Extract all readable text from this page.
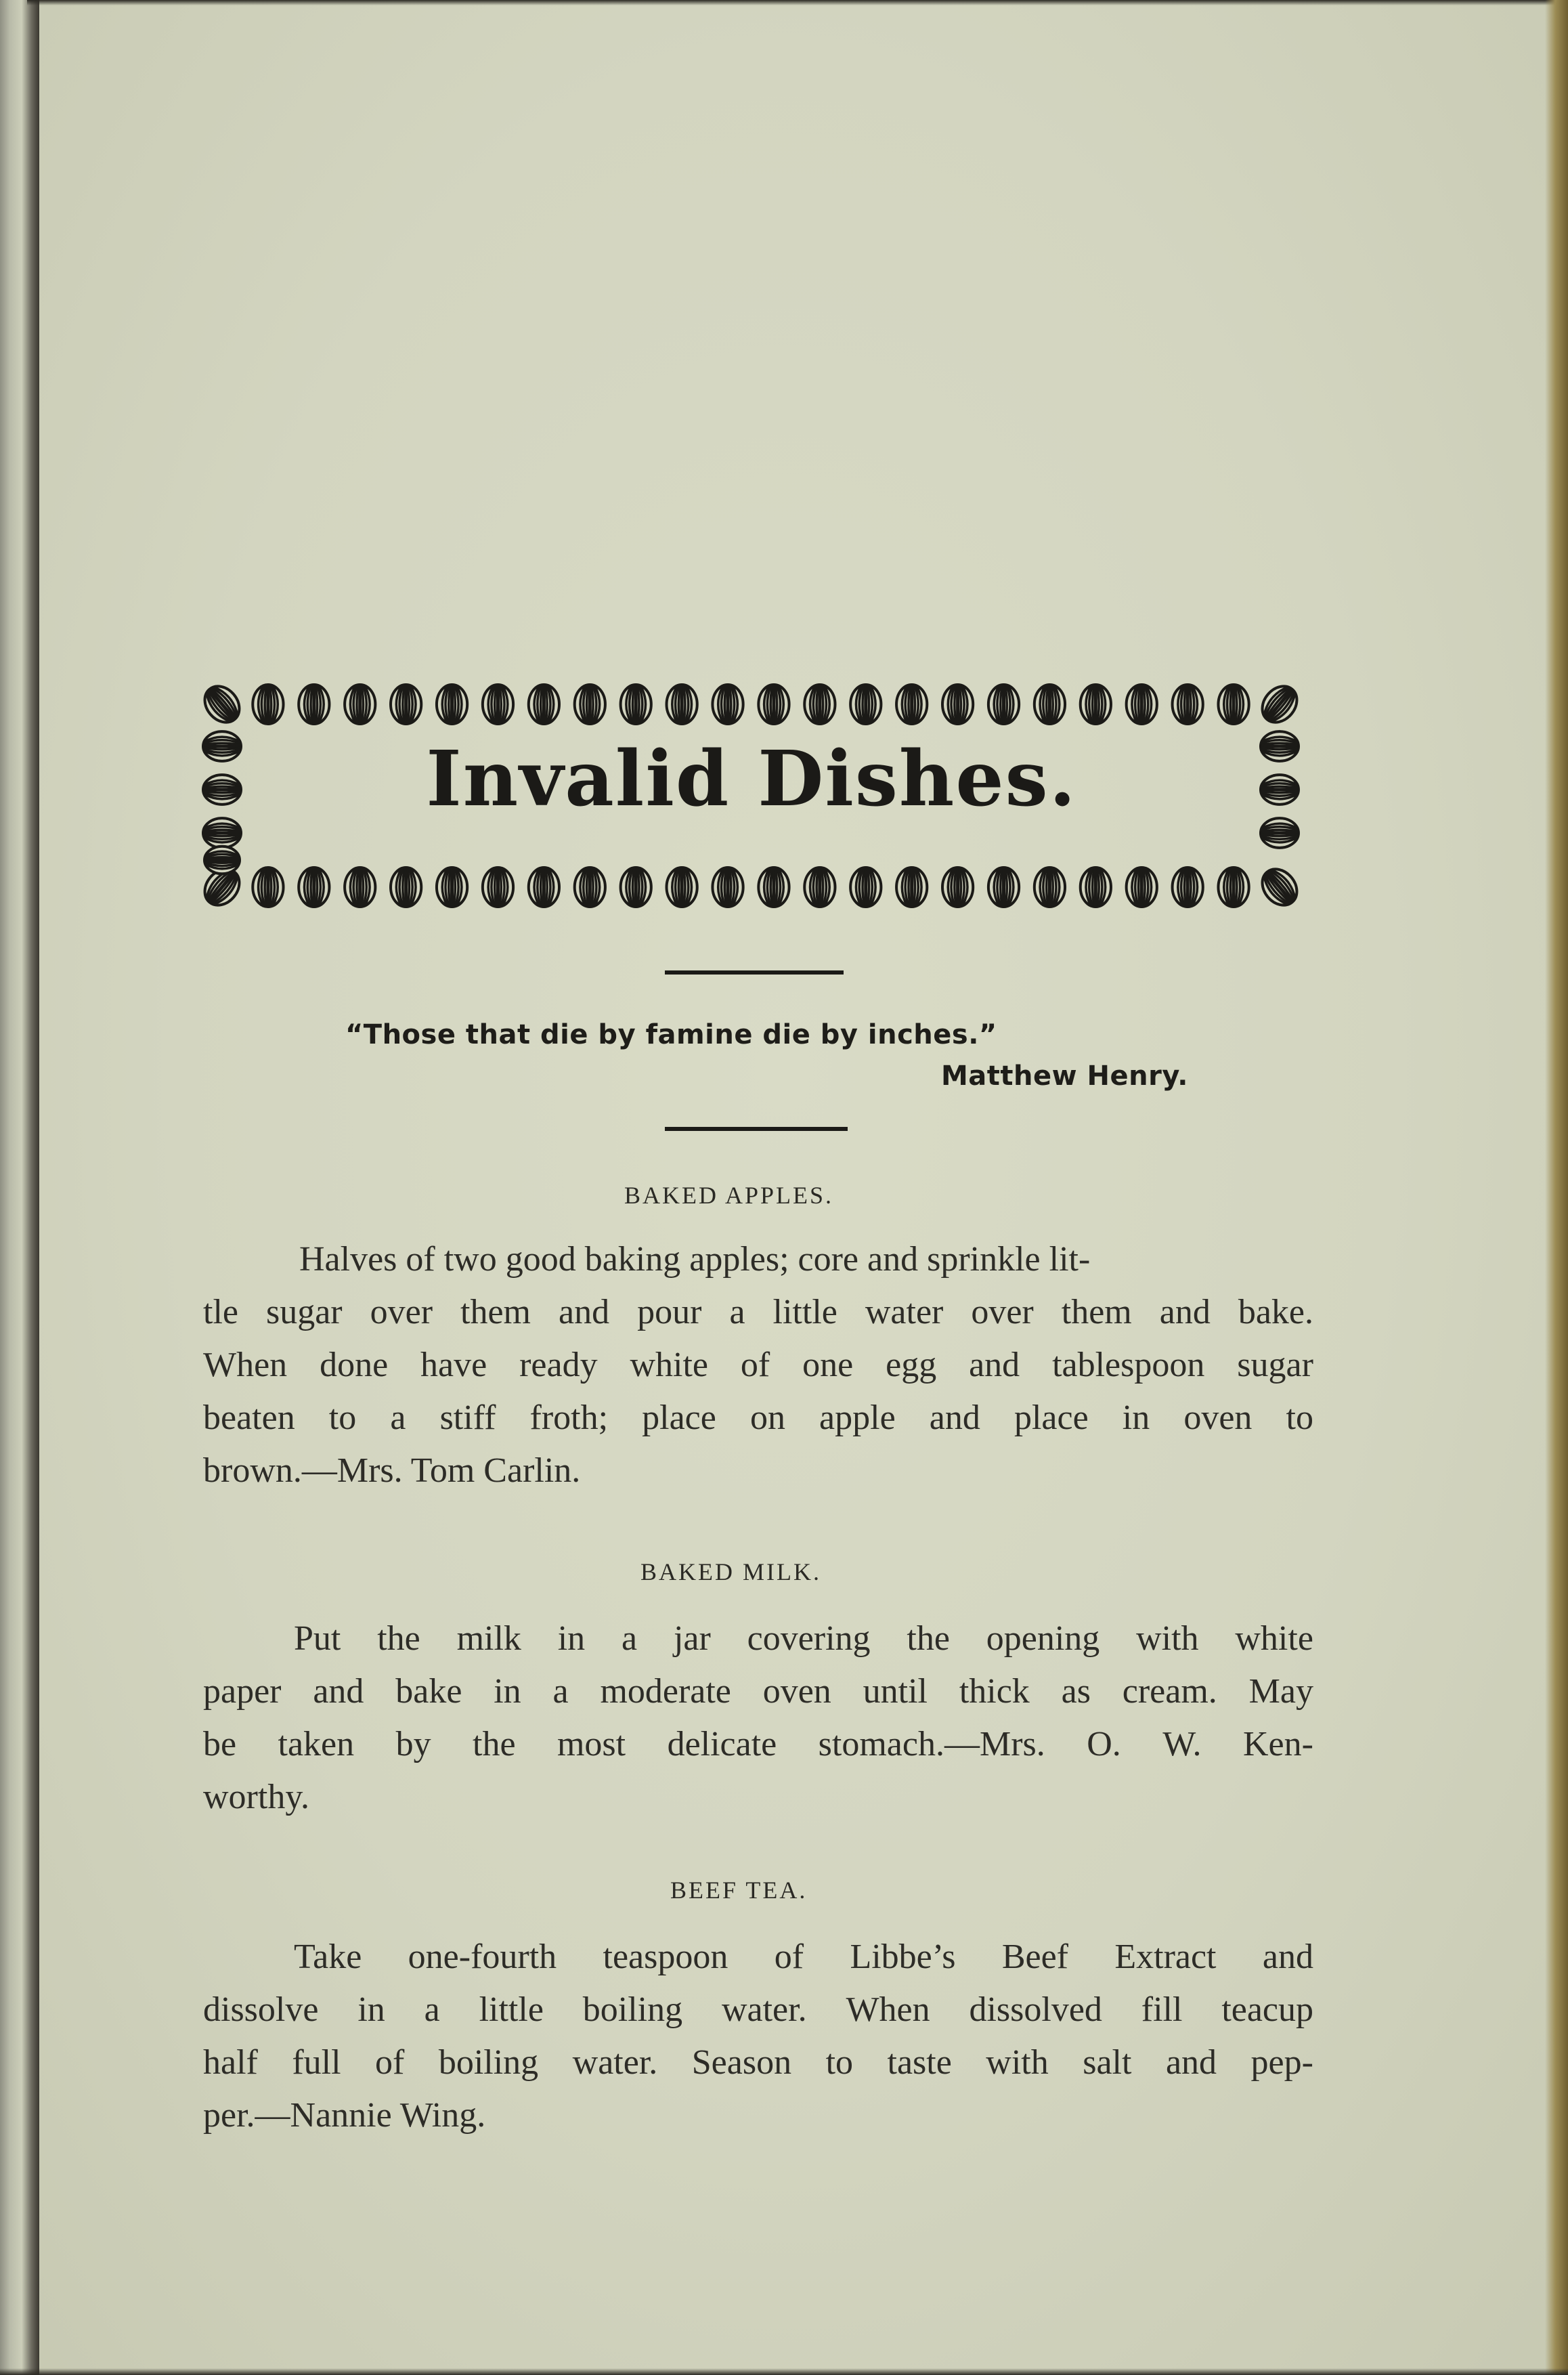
Invalid Dishes.
“Those that die by famine die by inches.”
Matthew Henry.
BAKED APPLES.
Halves of two good baking apples; core and sprinkle lit-
tle sugar over them and pour a little water over them and bake.
When done have ready white of one egg and tablespoon sugar
beaten to a stiff froth; place on apple and place in oven to
brown.—Mrs. Tom Carlin.
BAKED MILK.
Put the milk in a jar covering the opening with white
paper and bake in a moderate oven until thick as cream. May
be taken by the most delicate stomach.—Mrs. O. W. Ken-
worthy.
BEEF TEA.
Take one-fourth teaspoon of Libbe’s Beef Extract and
dissolve in a little boiling water. When dissolved fill teacup
half full of boiling water. Season to taste with salt and pep-
per.—Nannie Wing.
